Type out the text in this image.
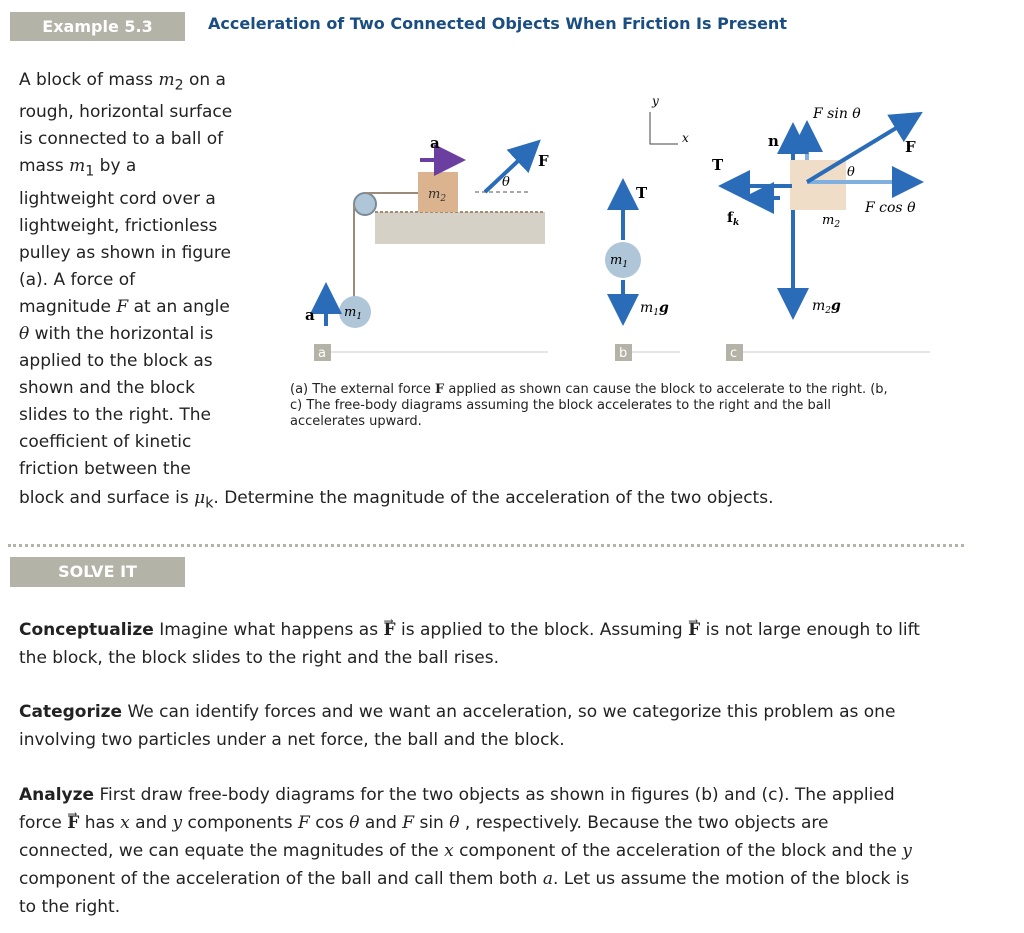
Example 5.3	Acceleration of Two Connected Objects When Friction Is Present
A block of mass $m_2$ on a
rough, horizontal surface
is connected to a ball of
mass $m_1$ by a
lightweight cord over a
lightweight, frictionless
pulley as shown in figure
(a). A force of
magnitude F at an angle
θ with the horizontal is
applied to the block as
shown and the block
slides to the right. The
coefficient of kinetic
friction between the
block and surface is $\mu_k$. Determine the magnitude of the acceleration of the two objects.
$m_2$
a
F
θ
$m_1$
a
a
y
x
T
$m_1$
$m_1g$
b
F sin θ
n
T
$f_k$
F cos θ
F
θ
$m_2$
$m_2g$
c
(a) The external force F applied as shown can cause the block to accelerate to the right. (b,
c) The free-body diagrams assuming the block accelerates to the right and the ball
accelerates upward.
SOLVE IT
Conceptualize Imagine what happens as → F is applied to the block. Assuming → F is not large enough to lift
the block, the block slides to the right and the ball rises.
Categorize We can identify forces and we want an acceleration, so we categorize this problem as one
involving two particles under a net force, the ball and the block.
Analyze First draw free-body diagrams for the two objects as shown in figures (b) and (c). The applied
force → F has x and y components F cos θ and F sin θ , respectively. Because the two objects are
connected, we can equate the magnitudes of the x component of the acceleration of the block and the y
component of the acceleration of the ball and call them both a. Let us assume the motion of the block is
to the right.
